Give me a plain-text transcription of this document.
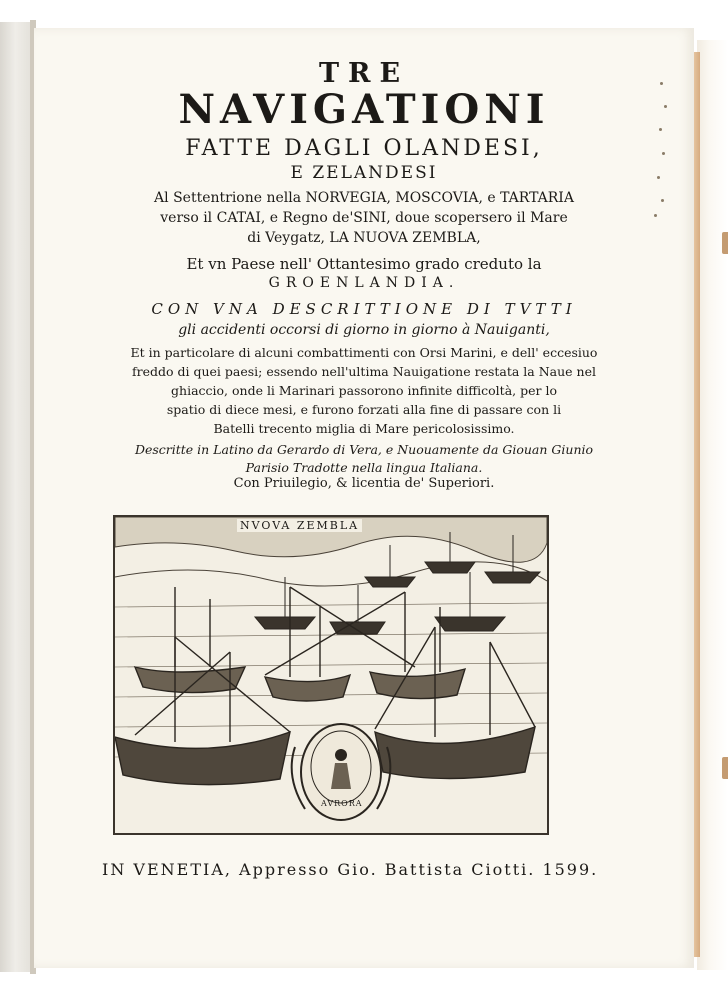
TRE
NAVIGATIONI
FATTE DAGLI OLANDESI,
E ZELANDESI
Al Settentrione nella NORVEGIA, MOSCOVIA, e TARTARIA
verso il CATAI, e Regno de'SINI, doue scopersero il Mare
di Veygatz, LA NUOVA ZEMBLA,
Et vn Paese nell' Ottantesimo grado creduto la
GROENLANDIA.
CON VNA DESCRITTIONE DI TVTTI
gli accidenti occorsi di giorno in giorno à Nauiganti,
Et in particolare di alcuni combattimenti con Orsi Marini, e dell' eccesiuo
freddo di quei paesi; essendo nell'ultima Nauigatione restata la Naue nel
ghiaccio, onde li Marinari passorono infinite difficoltà, per lo
spatio di diece mesi, e furono forzati alla fine di passare con li
Batelli trecento miglia di Mare pericolosissimo.
Descritte in Latino da Gerardo di Vera, e Nuouamente da Giouan Giunio
Parisio Tradotte nella lingua Italiana.
Con Priuilegio, & licentia de' Superiori.
NVOVA ZEMBLA
AVRORA
IN VENETIA, Appresso Gio. Battista Ciotti. 1599.
